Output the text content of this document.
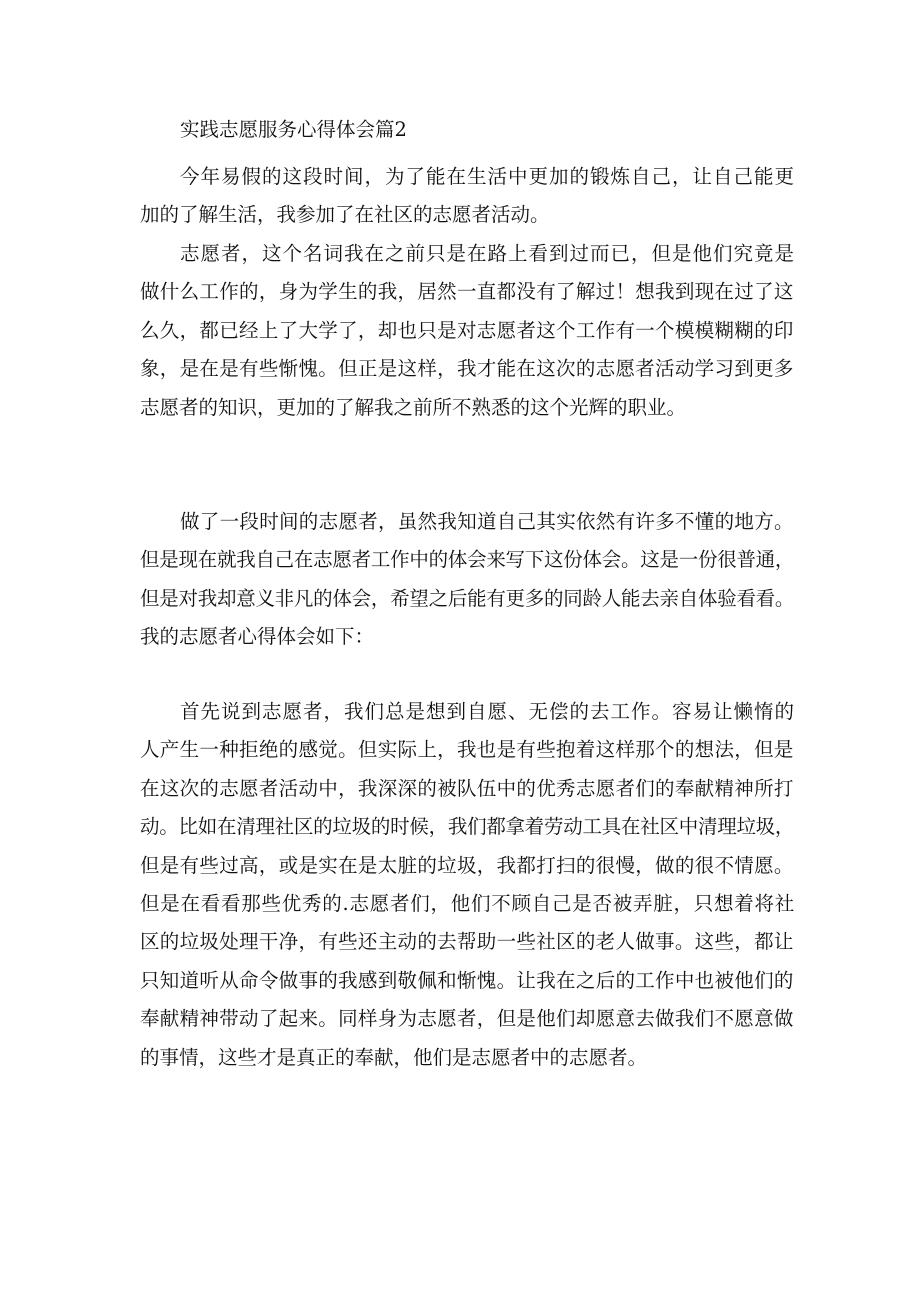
实践志愿服务心得体会篇2
今年易假的这段时间，为了能在生活中更加的锻炼自己，让自己能更
加的了解生活，我参加了在社区的志愿者活动。
志愿者，这个名词我在之前只是在路上看到过而已，但是他们究竟是
做什么工作的，身为学生的我，居然一直都没有了解过！想我到现在过了这
么久，都已经上了大学了，却也只是对志愿者这个工作有一个模模糊糊的印
象，是在是有些惭愧。但正是这样，我才能在这次的志愿者活动学习到更多
志愿者的知识，更加的了解我之前所不熟悉的这个光辉的职业。
做了一段时间的志愿者，虽然我知道自己其实依然有许多不懂的地方。
但是现在就我自己在志愿者工作中的体会来写下这份体会。这是一份很普通，
但是对我却意义非凡的体会，希望之后能有更多的同龄人能去亲自体验看看。
我的志愿者心得体会如下：
首先说到志愿者，我们总是想到自愿、无偿的去工作。容易让懒惰的
人产生一种拒绝的感觉。但实际上，我也是有些抱着这样那个的想法，但是
在这次的志愿者活动中，我深深的被队伍中的优秀志愿者们的奉献精神所打
动。比如在清理社区的垃圾的时候，我们都拿着劳动工具在社区中清理垃圾，
但是有些过高，或是实在是太脏的垃圾，我都打扫的很慢，做的很不情愿。
但是在看看那些优秀的.志愿者们，他们不顾自己是否被弄脏，只想着将社
区的垃圾处理干净，有些还主动的去帮助一些社区的老人做事。这些，都让
只知道听从命令做事的我感到敬佩和惭愧。让我在之后的工作中也被他们的
奉献精神带动了起来。同样身为志愿者，但是他们却愿意去做我们不愿意做
的事情，这些才是真正的奉献，他们是志愿者中的志愿者。
